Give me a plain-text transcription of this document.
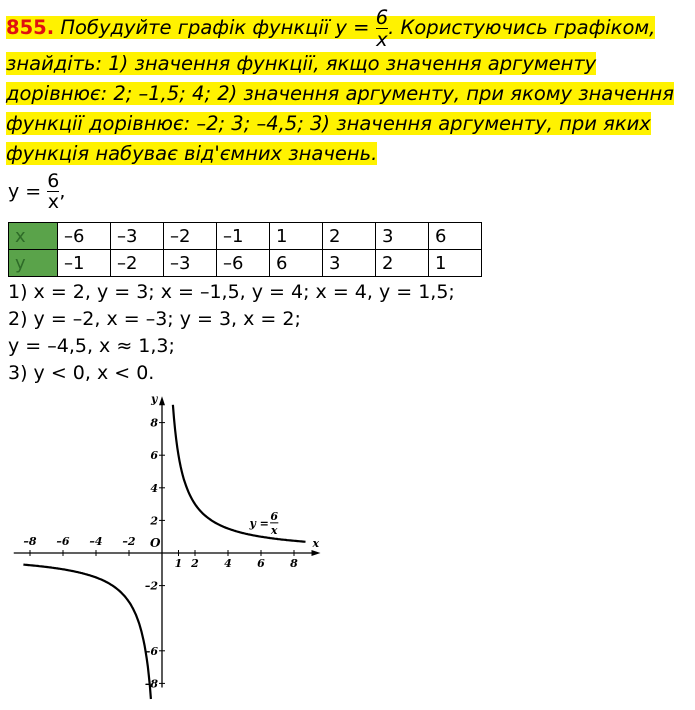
855. Побудуйте графік функції $y = \frac{6}{x}$ . Користуючись графіком, знайдіть: 1) значення функції, якщо значення аргументу дорівнює: 2; –1,5; 4; 2) значення аргументу, при якому значення функції дорівнює: –2; 3; –4,5; 3) значення аргументу, при яких функція набуває від'ємних значень.

$y = \frac{6}{x}$ ,
x	–6	–3	–2	–1	1	2	3	6
y	–1	–2	–3	–6	6	3	2	1
1) x = 2, y = 3; x = –1,5, y = 4; x = 4, y = 1,5;
2) y = –2, x = –3; y = 3, x = 2;
y = –4,5, x ≈ 1,3;
3) y < 0, x < 0.
–8 –6 –4 –2
1 2 4 6 8
8
6
4
2
–2
–6
–8
x
y
O
y =
6
x
